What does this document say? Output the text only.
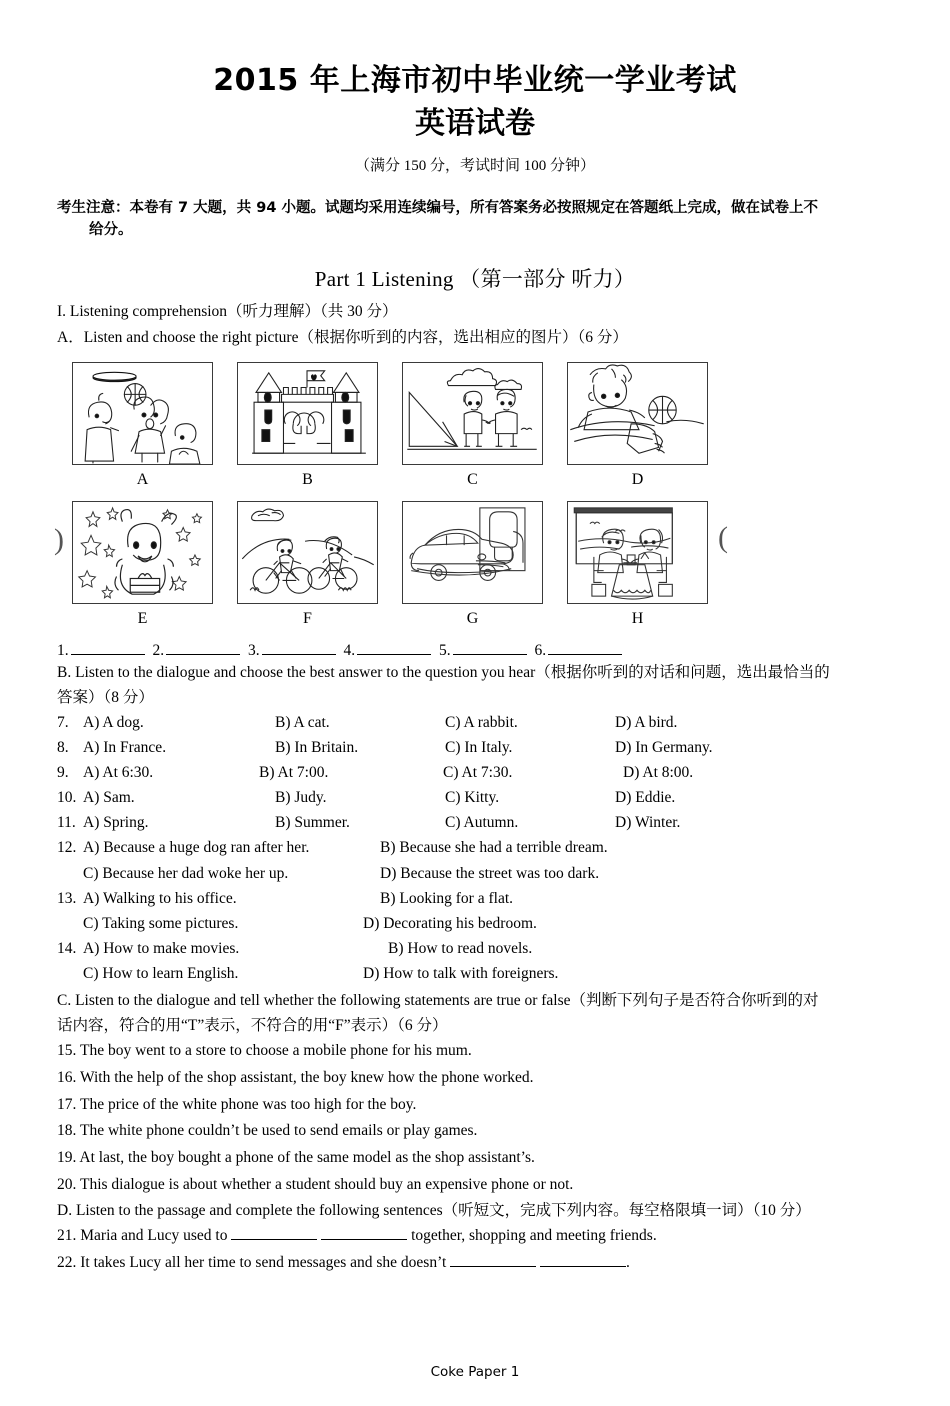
2015 年上海市初中毕业统一学业考试
英语试卷
（满分 150 分，考试时间 100 分钟）
考生注意：本卷有 7 大题，共 94 小题。试题均采用连续编号，所有答案务必按照规定在答题纸上完成，做在试卷上不
给分。
Part 1 Listening （第一部分 听力）
I. Listening comprehension（听力理解）（共 30 分）
A．Listen and choose the right picture（根据你听到的内容，选出相应的图片）（6 分）
A	B	C	D
)
E	F	G
(
H
1.	2.	3.	4.	5.	6.
B. Listen to the dialogue and choose the best answer to the question you hear（根据你听到的对话和问题，选出最恰当的
答案）（8 分）
7. A) A dog.	B) A cat.	C) A rabbit.	D) A bird.
8. A) In France.	B) In Britain.	C) In Italy.	D) In Germany.
9. A) At 6:30.	B) At 7:00.	C) At 7:30.	D) At 8:00.
10. A) Sam.	B) Judy.	C) Kitty.	D) Eddie.
11. A) Spring.	B) Summer.	C) Autumn.	D) Winter.
12. A) Because a huge dog ran after her.	B) Because she had a terrible dream.
C) Because her dad woke her up.	D) Because the street was too dark.
13. A) Walking to his office.	B) Looking for a flat.
C) Taking some pictures.	D) Decorating his bedroom.
14. A) How to make movies.	B) How to read novels.
C) How to learn English.	D) How to talk with foreigners.
C. Listen to the dialogue and tell whether the following statements are true or false（判断下列句子是否符合你听到的对
话内容，符合的用“T”表示，不符合的用“F”表示）（6 分）
15. The boy went to a store to choose a mobile phone for his mum.
16. With the help of the shop assistant, the boy knew how the phone worked.
17. The price of the white phone was too high for the boy.
18. The white phone couldn’t be used to send emails or play games.
19. At last, the boy bought a phone of the same model as the shop assistant’s.
20. This dialogue is about whether a student should buy an expensive phone or not.
D. Listen to the passage and complete the following sentences（听短文，完成下列内容。每空格限填一词）（10 分）
21. Maria and Lucy used to	together, shopping and meeting friends.
22. It takes Lucy all her time to send messages and she doesn’t	.
Coke Paper 1
